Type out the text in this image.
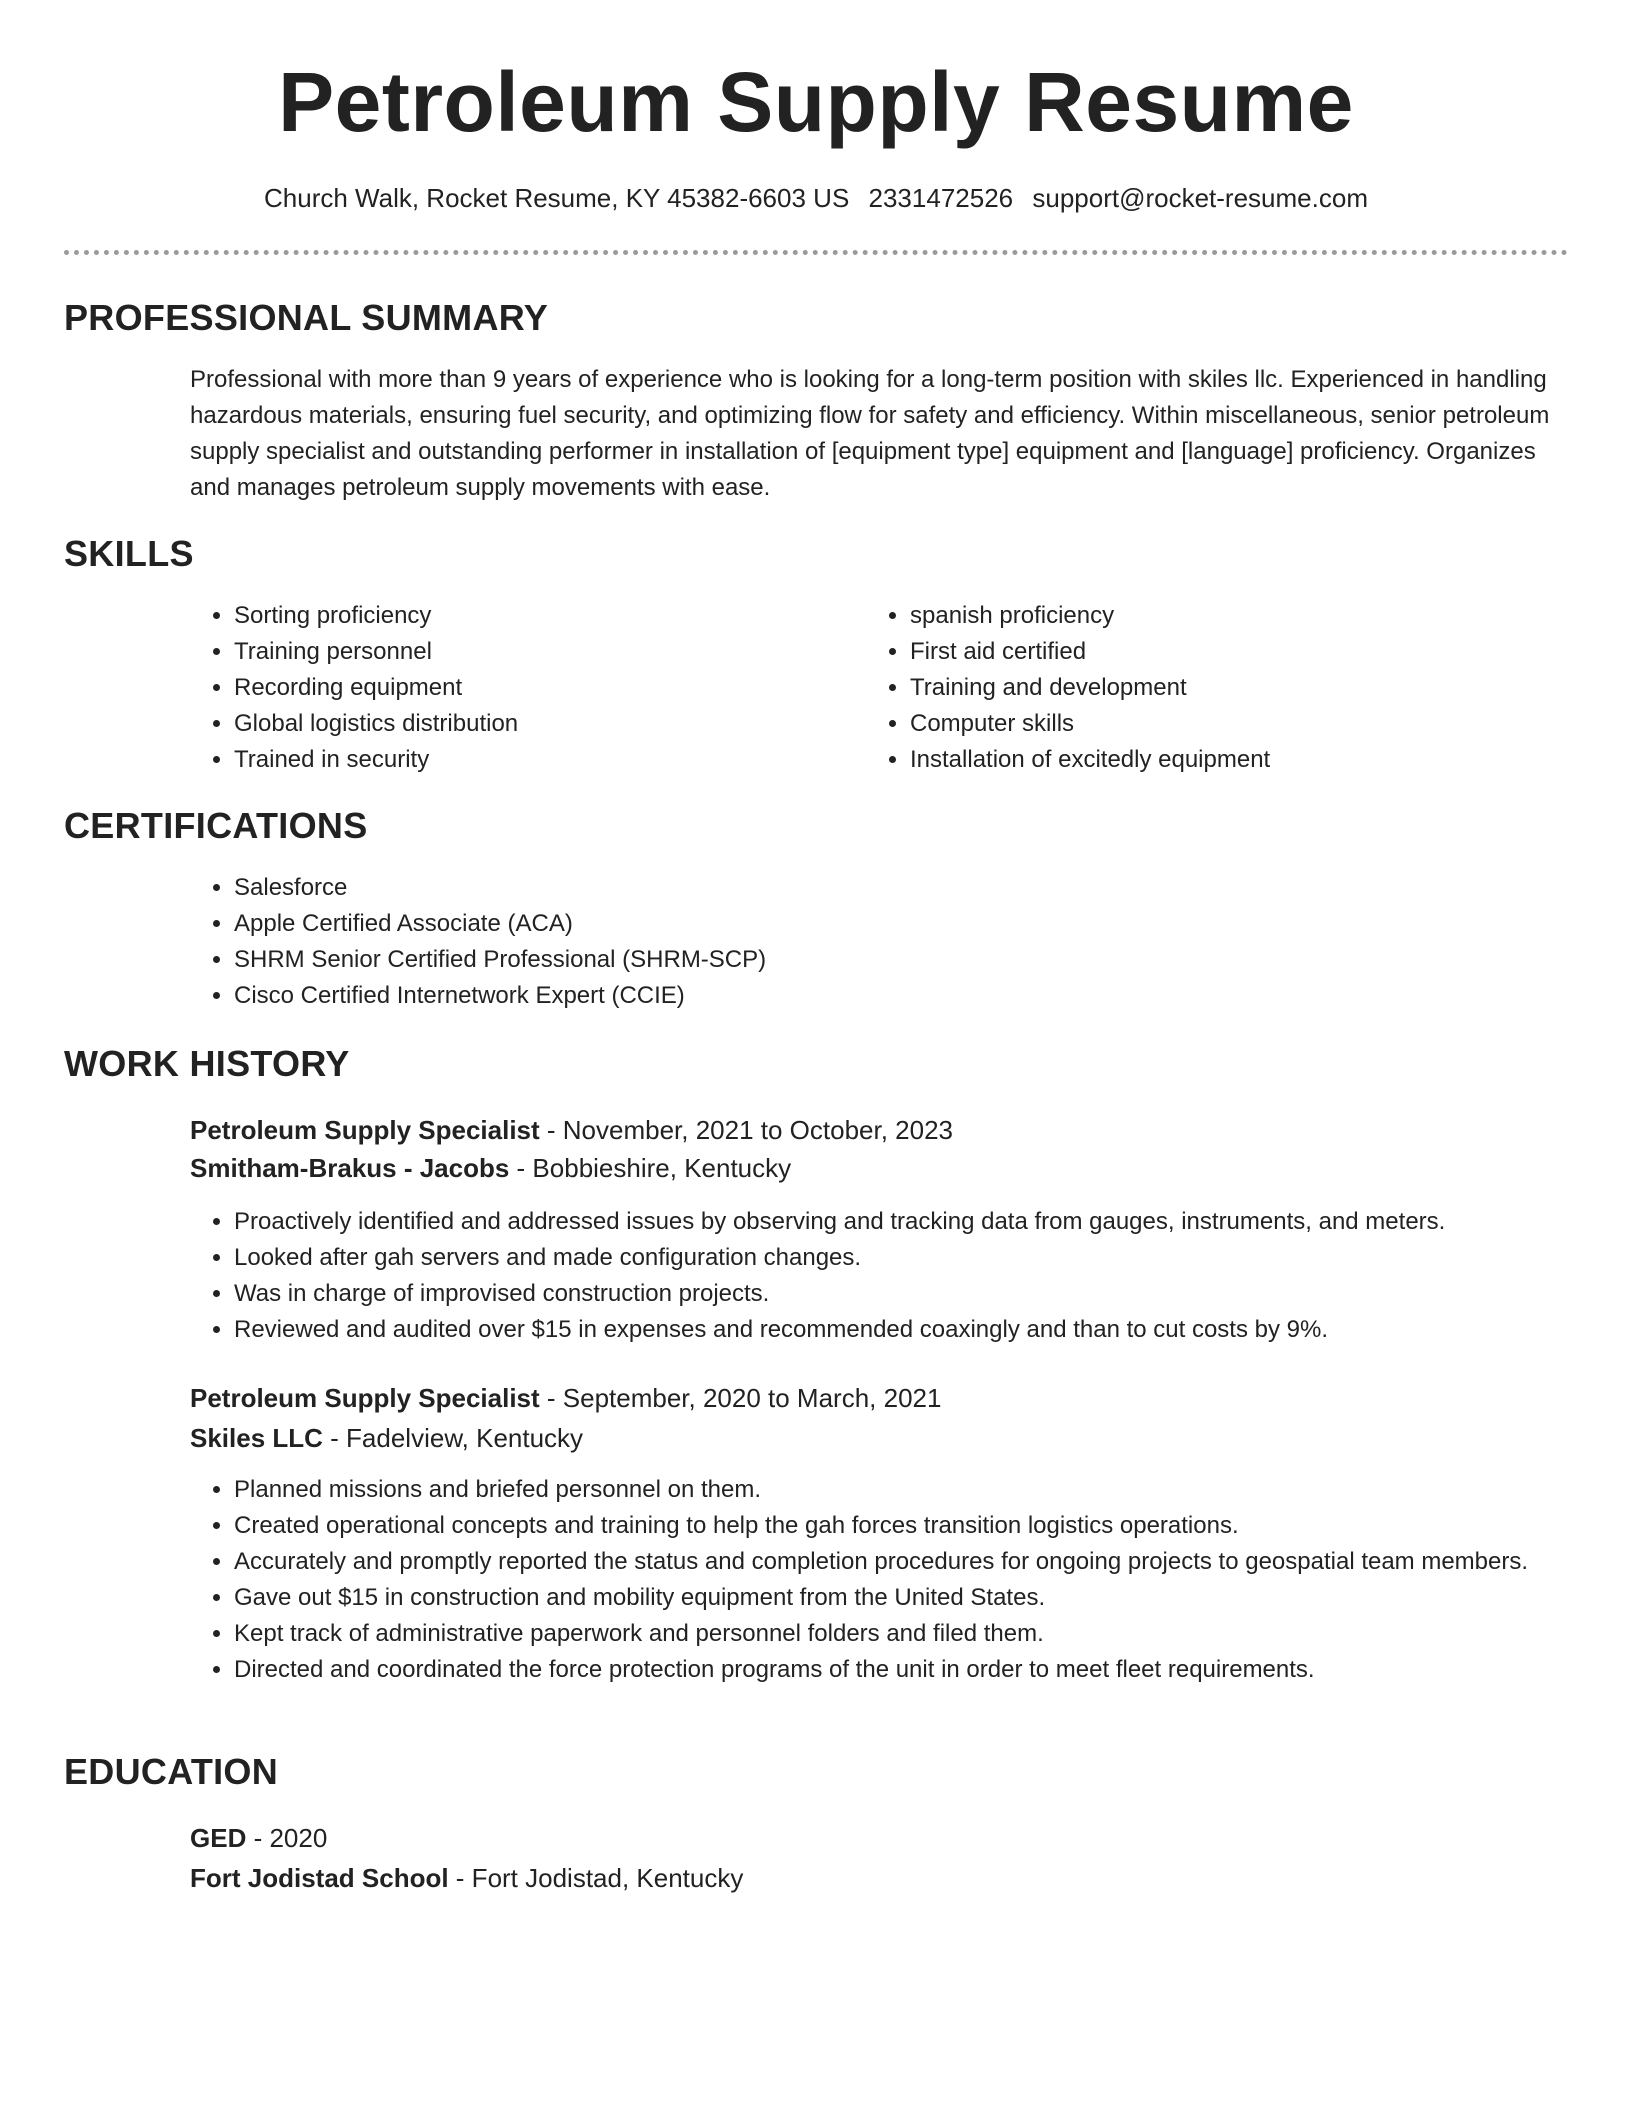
Petroleum Supply Resume
Church Walk, Rocket Resume, KY 45382-6603 US 2331472526 support@rocket-resume.com
PROFESSIONAL SUMMARY

Professional with more than 9 years of experience who is looking for a long-term position with skiles llc. Experienced in handling hazardous materials, ensuring fuel security, and optimizing flow for safety and efficiency. Within miscellaneous, senior petroleum supply specialist and outstanding performer in installation of [equipment type] equipment and [language] proficiency. Organizes and manages petroleum supply movements with ease.

SKILLS
• Sorting proficiency
• Training personnel
• Recording equipment
• Global logistics distribution
• Trained in security
• spanish proficiency
• First aid certified
• Training and development
• Computer skills
• Installation of excitedly equipment
CERTIFICATIONS
• Salesforce
• Apple Certified Associate (ACA)
• SHRM Senior Certified Professional (SHRM-SCP)
• Cisco Certified Internetwork Expert (CCIE)
WORK HISTORY
Petroleum Supply Specialist - November, 2021 to October, 2023
Smitham-Brakus - Jacobs - Bobbieshire, Kentucky
• Proactively identified and addressed issues by observing and tracking data from gauges, instruments, and meters.
• Looked after gah servers and made configuration changes.
• Was in charge of improvised construction projects.
• Reviewed and audited over $15 in expenses and recommended coaxingly and than to cut costs by 9%.
Petroleum Supply Specialist - September, 2020 to March, 2021
Skiles LLC - Fadelview, Kentucky
• Planned missions and briefed personnel on them.
• Created operational concepts and training to help the gah forces transition logistics operations.
• Accurately and promptly reported the status and completion procedures for ongoing projects to geospatial team members.
• Gave out $15 in construction and mobility equipment from the United States.
• Kept track of administrative paperwork and personnel folders and filed them.
• Directed and coordinated the force protection programs of the unit in order to meet fleet requirements.
EDUCATION
GED - 2020
Fort Jodistad School - Fort Jodistad, Kentucky
